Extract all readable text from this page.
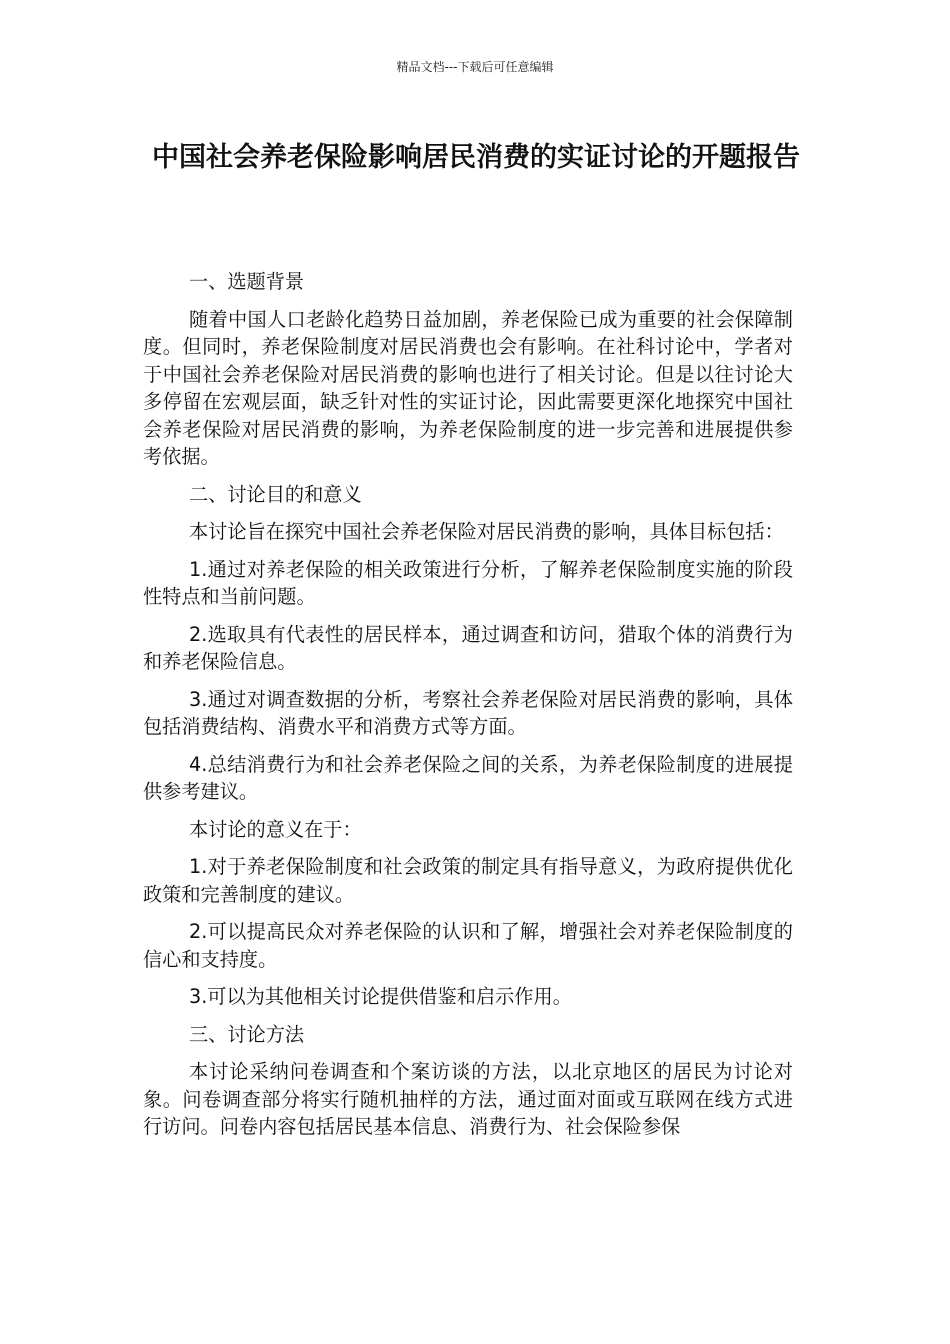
精品文档---下载后可任意编辑
中国社会养老保险影响居民消费的实证讨论的开题报告

一、选题背景

随着中国人口老龄化趋势日益加剧，养老保险已成为重要的社会保障制度。但同时，养老保险制度对居民消费也会有影响。在社科讨论中，学者对于中国社会养老保险对居民消费的影响也进行了相关讨论。但是以往讨论大多停留在宏观层面，缺乏针对性的实证讨论，因此需要更深化地探究中国社会养老保险对居民消费的影响，为养老保险制度的进一步完善和进展提供参考依据。

二、讨论目的和意义

本讨论旨在探究中国社会养老保险对居民消费的影响，具体目标包括：

1.通过对养老保险的相关政策进行分析，了解养老保险制度实施的阶段性特点和当前问题。

2.选取具有代表性的居民样本，通过调查和访问，猎取个体的消费行为和养老保险信息。

3.通过对调查数据的分析，考察社会养老保险对居民消费的影响，具体包括消费结构、消费水平和消费方式等方面。

4.总结消费行为和社会养老保险之间的关系，为养老保险制度的进展提供参考建议。

本讨论的意义在于：

1.对于养老保险制度和社会政策的制定具有指导意义，为政府提供优化政策和完善制度的建议。

2.可以提高民众对养老保险的认识和了解，增强社会对养老保险制度的信心和支持度。

3.可以为其他相关讨论提供借鉴和启示作用。

三、讨论方法

本讨论采纳问卷调查和个案访谈的方法，以北京地区的居民为讨论对象。问卷调查部分将实行随机抽样的方法，通过面对面或互联网在线方式进行访问。问卷内容包括居民基本信息、消费行为、社会保险参保
